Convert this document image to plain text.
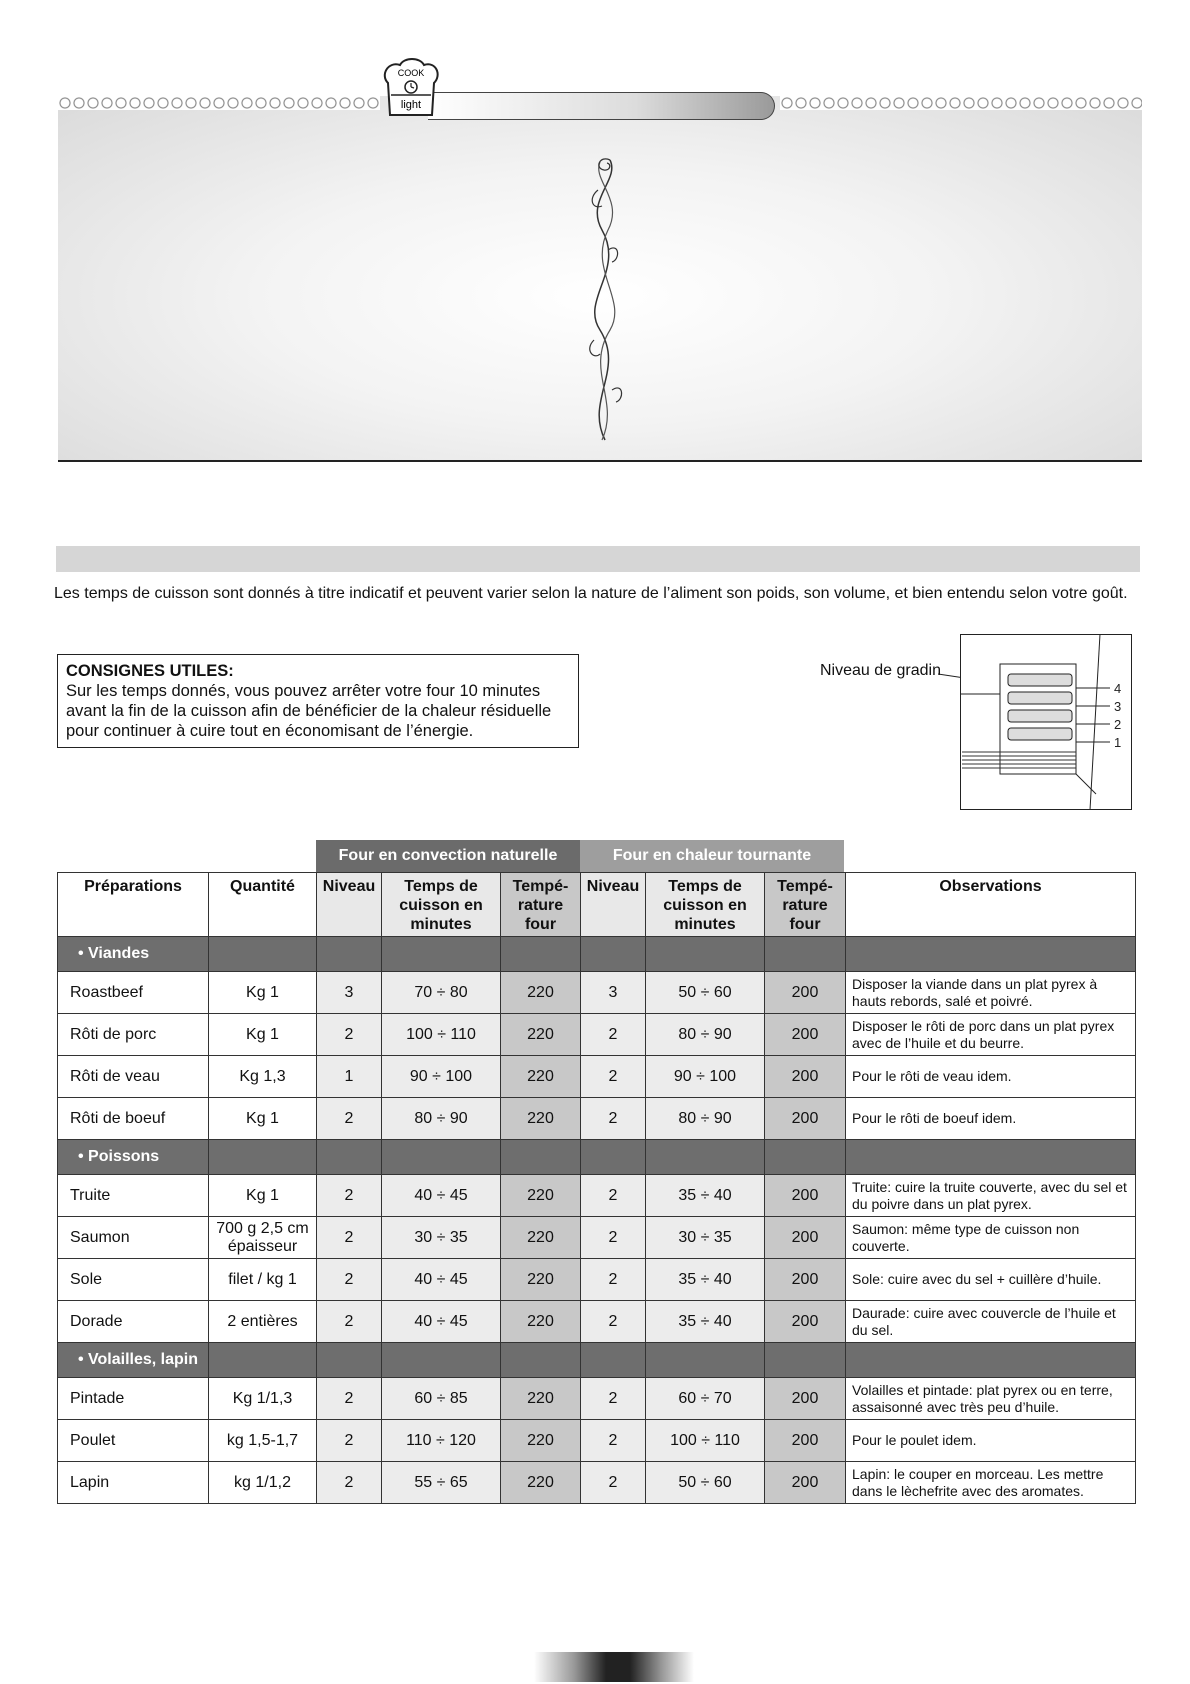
COOK
light
Les temps de cuisson sont donnés à titre indicatif et peuvent varier selon la nature de l’aliment son poids, son volume, et bien entendu selon votre goût.
CONSIGNES UTILES:
Sur les temps donnés, vous pouvez arrêter votre four 10 minutes
avant la fin de la cuisson afin de bénéficier de la chaleur résiduelle
pour continuer à cuire tout en économisant de l’énergie.
Niveau de gradin
4
3
2
1
Four en convection naturelle	Four en chaleur tournante
Préparations	Quantité	Niveau	Temps de cuisson en minutes	Tempé- rature four	Niveau	Temps de cuisson en minutes	Tempé- rature four	Observations
• Viandes								
Roastbeef	Kg 1	3	70 ÷ 80	220	3	50 ÷ 60	200	Disposer la viande dans un plat pyrex à hauts rebords, salé et poivré.
Rôti de porc	Kg 1	2	100 ÷ 110	220	2	80 ÷ 90	200	Disposer le rôti de porc dans un plat pyrex avec de l’huile et du beurre.
Rôti de veau	Kg 1,3	1	90 ÷ 100	220	2	90 ÷ 100	200	Pour le rôti de veau idem.
Rôti de boeuf	Kg 1	2	80 ÷ 90	220	2	80 ÷ 90	200	Pour le rôti de boeuf idem.
• Poissons								
Truite	Kg 1	2	40 ÷ 45	220	2	35 ÷ 40	200	Truite: cuire la truite couverte, avec du sel et du poivre dans un plat pyrex.
Saumon	700 g 2,5 cm épaisseur	2	30 ÷ 35	220	2	30 ÷ 35	200	Saumon: même type de cuisson non couverte.
Sole	filet / kg 1	2	40 ÷ 45	220	2	35 ÷ 40	200	Sole: cuire avec du sel + cuillère d’huile.
Dorade	2 entières	2	40 ÷ 45	220	2	35 ÷ 40	200	Daurade: cuire avec couvercle de l’huile et du sel.
• Volailles, lapin								
Pintade	Kg 1/1,3	2	60 ÷ 85	220	2	60 ÷ 70	200	Volailles et pintade: plat pyrex ou en terre, assaisonné avec très peu d’huile.
Poulet	kg 1,5-1,7	2	110 ÷ 120	220	2	100 ÷ 110	200	Pour le poulet idem.
Lapin	kg 1/1,2	2	55 ÷ 65	220	2	50 ÷ 60	200	Lapin: le couper en morceau. Les mettre dans le lèchefrite avec des aromates.
